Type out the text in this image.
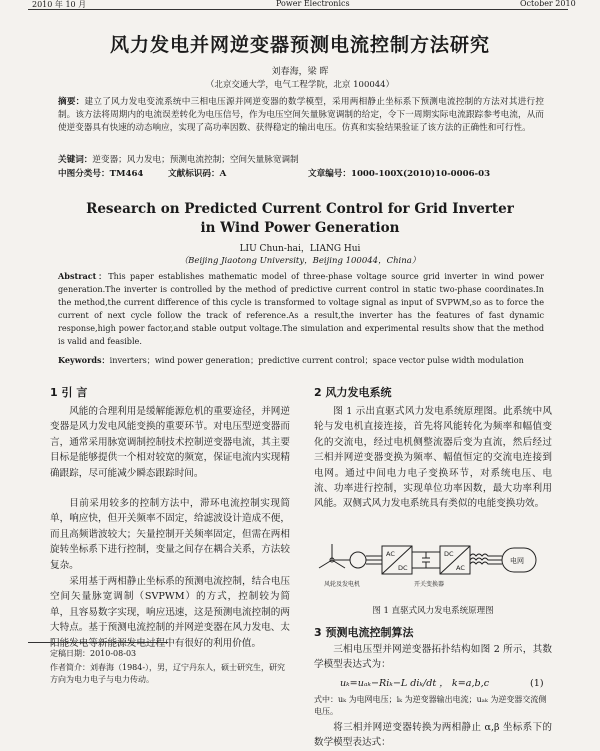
2010 年 10 月	Power Electronics	October 2010
风力发电并网逆变器预测电流控制方法研究
刘春海，梁 晖
（北京交通大学，电气工程学院，北京 100044）
摘要：建立了风力发电变流系统中三相电压源并网逆变器的数学模型，采用两相静止坐标系下预测电流控制的方法对其进行控制。该方法将周期内的电流误差转化为电压信号，作为电压空间矢量脉宽调制的给定，令下一周期实际电流跟踪参考电流，从而使逆变器具有快速的动态响应，实现了高功率因数、获得稳定的输出电压。仿真和实验结果验证了该方法的正确性和可行性。
关键词：逆变器；风力发电；预测电流控制；空间矢量脉宽调制
中图分类号：TM464	文献标识码：A	文章编号：1000-100X(2010)10-0006-03
Research on Predicted Current Control for Grid Inverter
in Wind Power Generation
LIU Chun-hai，LIANG Hui
（Beijing Jiaotong University，Beijing 100044，China）
Abstract：This paper establishes mathematic model of three-phase voltage source grid inverter in wind power generation.The inverter is controlled by the method of predictive current control in static two-phase coordinates.In the method,the current difference of this cycle is transformed to voltage signal as input of SVPWM,so as to force the current of next cycle follow the track of reference.As a result,the inverter has the features of fast dynamic response,high power factor,and stable output voltage.The simulation and experimental results show that the method is valid and feasible.
Keywords：inverters；wind power generation；predictive current control；space vector pulse width modulation
1 引 言
风能的合理利用是缓解能源危机的重要途径，并网逆变器是风力发电风能变换的重要环节。对电压型逆变器而言，通常采用脉宽调制控制技术控制逆变器电流，其主要目标是能够提供一个相对较宽的频宽，保证电流内实现精确跟踪，尽可能减少瞬态跟踪时间。
目前采用较多的控制方法中，滞环电流控制实现简单，响应快，但开关频率不固定，给滤波设计造成不便，而且高频谐波较大；矢量控制开关频率固定，但需在两相旋转坐标系下进行控制，变量之间存在耦合关系，方法较复杂。
采用基于两相静止坐标系的预测电流控制，结合电压空间矢量脉宽调制（SVPWM）的方式，控制较为简单，且容易数字实现，响应迅速，这是预测电流控制的两大特点。基于预测电流控制的并网逆变器在风力发电、太阳能发电等新能源发电过程中有很好的利用价值。
定稿日期：2010-08-03
作者简介：刘春海（1984-），男，辽宁丹东人，硕士研究生，研究方向为电力电子与电力传动。
2 风力发电系统
图 1 示出直驱式风力发电系统原理图。此系统中风轮与发电机直接连接，首先将风能转化为频率和幅值变化的交流电，经过电机侧整流器后变为直流，然后经过三相并网逆变器变换为频率、幅值恒定的交流电连接到电网。通过中间电力电子变换环节，对系统电压、电流、功率进行控制，实现单位功率因数，最大功率利用风能。双侧式风力发电系统具有类似的电能变换功效。
AC
DC
DC
AC
电网
风轮及发电机	开关变换器
图 1 直驱式风力发电系统原理图
3 预测电流控制算法
三相电压型并网逆变器拓扑结构如图 2 所示，其数学模型表达式为：
uₖ=uₐₖ−Riₖ−L diₖ/dt ， k=a,b,c	(1)
式中：uₖ 为电网电压；iₖ 为逆变器输出电流；uₐₖ 为逆变器交流侧电压。
将三相并网逆变器转换为两相静止 α,β 坐标系下的数学模型表达式：
